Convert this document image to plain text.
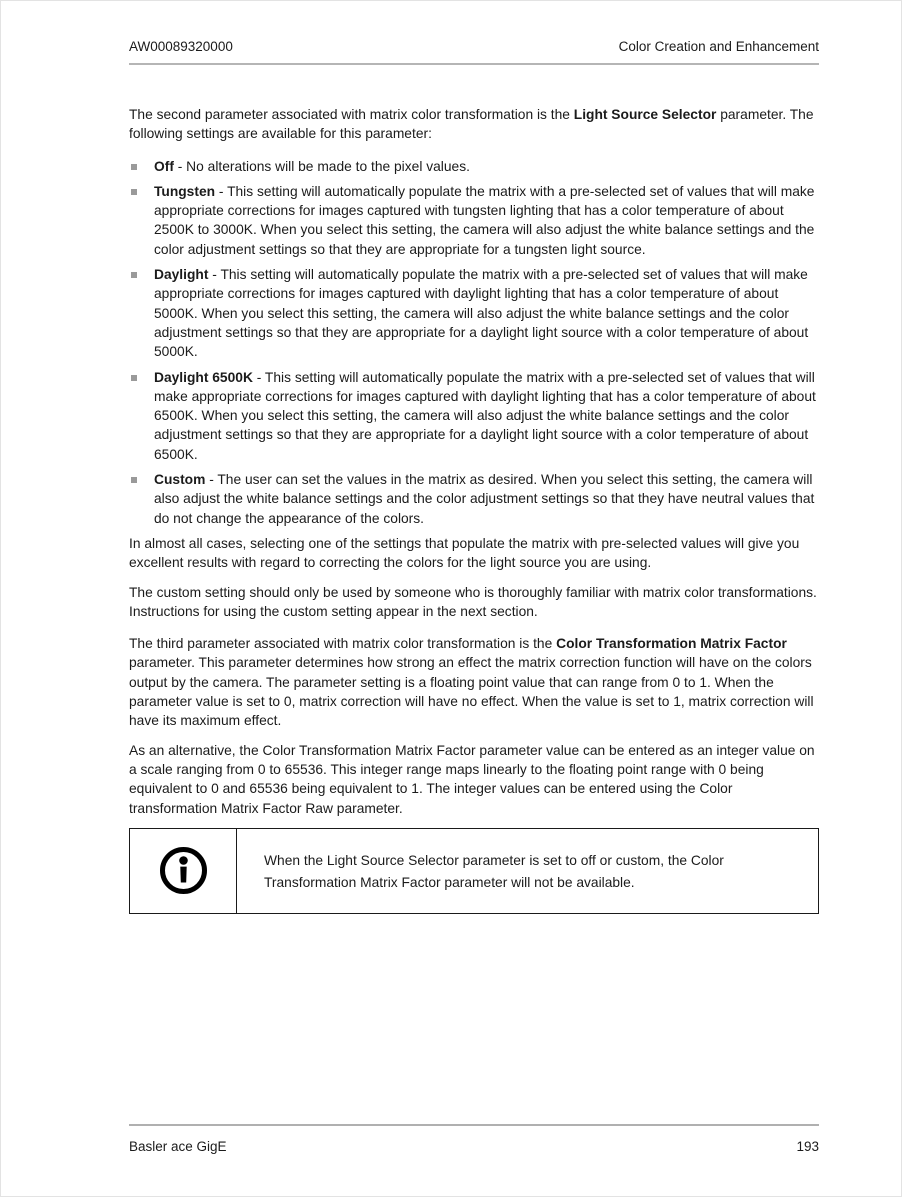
AW00089320000	Color Creation and Enhancement

The second parameter associated with matrix color transformation is the Light Source Selector parameter. The following settings are available for this parameter:

Off - No alterations will be made to the pixel values.
Tungsten - This setting will automatically populate the matrix with a pre-selected set of values that will make appropriate corrections for images captured with tungsten lighting that has a color temperature of about 2500K to 3000K. When you select this setting, the camera will also adjust the white balance settings and the color adjustment settings so that they are appropriate for a tungsten light source.
Daylight - This setting will automatically populate the matrix with a pre-selected set of values that will make appropriate corrections for images captured with daylight lighting that has a color temperature of about 5000K. When you select this setting, the camera will also adjust the white balance settings and the color adjustment settings so that they are appropriate for a daylight light source with a color temperature of about 5000K.
Daylight 6500K - This setting will automatically populate the matrix with a pre-selected set of values that will make appropriate corrections for images captured with daylight lighting that has a color temperature of about 6500K. When you select this setting, the camera will also adjust the white balance settings and the color adjustment settings so that they are appropriate for a daylight light source with a color temperature of about 6500K.
Custom - The user can set the values in the matrix as desired. When you select this setting, the camera will also adjust the white balance settings and the color adjustment settings so that they have neutral values that do not change the appearance of the colors.

In almost all cases, selecting one of the settings that populate the matrix with pre-selected values will give you excellent results with regard to correcting the colors for the light source you are using.

The custom setting should only be used by someone who is thoroughly familiar with matrix color transformations. Instructions for using the custom setting appear in the next section.

The third parameter associated with matrix color transformation is the Color Transformation Matrix Factor parameter. This parameter determines how strong an effect the matrix correction function will have on the colors output by the camera. The parameter setting is a floating point value that can range from 0 to 1. When the parameter value is set to 0, matrix correction will have no effect. When the value is set to 1, matrix correction will have its maximum effect.

As an alternative, the Color Transformation Matrix Factor parameter value can be entered as an integer value on a scale ranging from 0 to 65536. This integer range maps linearly to the floating point range with 0 being equivalent to 0 and 65536 being equivalent to 1. The integer values can be entered using the Color transformation Matrix Factor Raw parameter.

When the Light Source Selector parameter is set to off or custom, the Color Transformation Matrix Factor parameter will not be available.
Basler ace GigE	193
